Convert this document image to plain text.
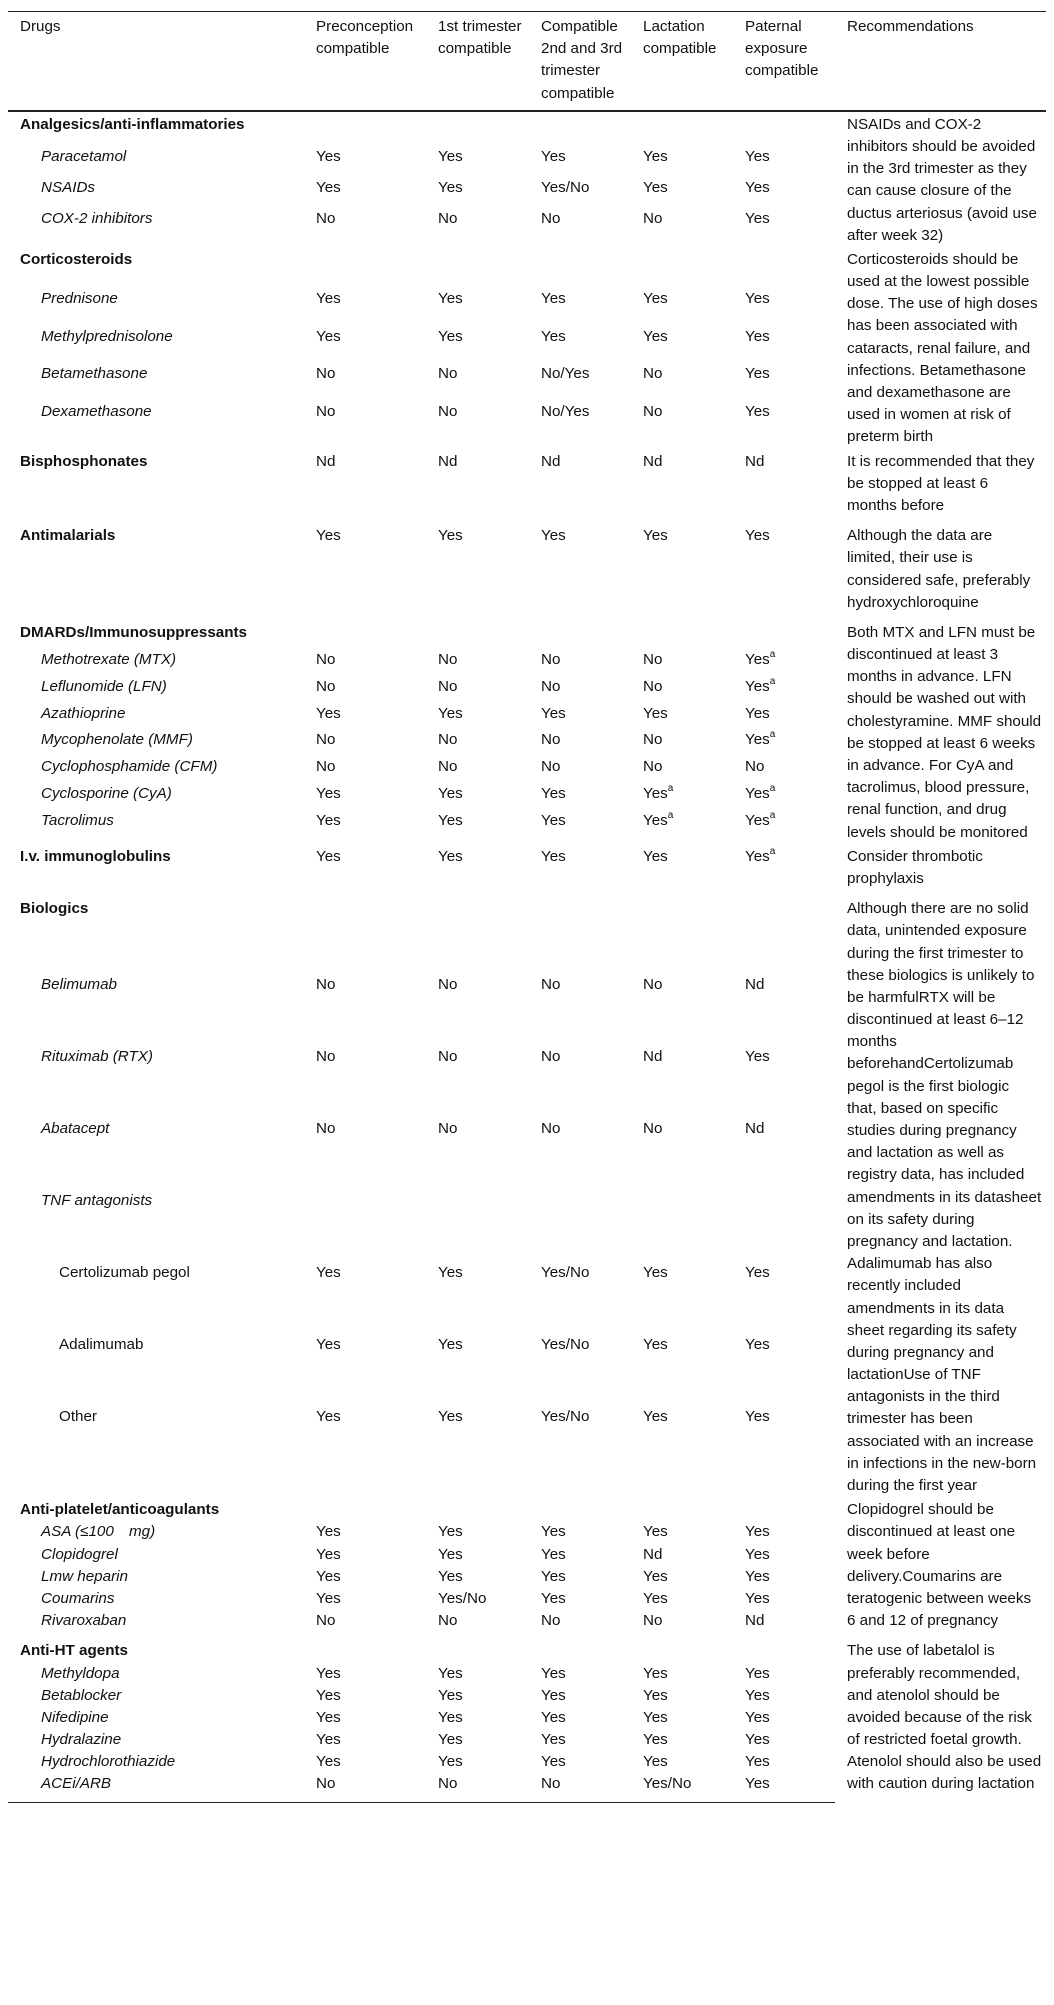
Drugs	Preconception compatible	1st trimester compatible	Compatible 2nd and 3rd trimester compatible	Lactation compatible	Paternal exposure compatible	Recommendations
Analgesics/anti-inflammatories						NSAIDs and COX-2 inhibitors should be avoided in the 3rd trimester as they can cause closure of the ductus arteriosus (avoid use after week 32)
Paracetamol	Yes	Yes	Yes	Yes	Yes	
NSAIDs	Yes	Yes	Yes/No	Yes	Yes	
COX-2 inhibitors	No	No	No	No	Yes	
Corticosteroids						Corticosteroids should be used at the lowest possible dose. The use of high doses has been associated with cataracts, renal failure, and infections. Betamethasone and dexamethasone are used in women at risk of preterm birth
Prednisone	Yes	Yes	Yes	Yes	Yes	
Methylprednisolone	Yes	Yes	Yes	Yes	Yes	
Betamethasone	No	No	No/Yes	No	Yes	
Dexamethasone	No	No	No/Yes	No	Yes	
Bisphosphonates	Nd	Nd	Nd	Nd	Nd	It is recommended that they be stopped at least 6 months before
Antimalarials	Yes	Yes	Yes	Yes	Yes	Although the data are limited, their use is considered safe, preferably hydroxychloroquine
DMARDs/Immunosuppressants						Both MTX and LFN must be discontinued at least 3 months in advance. LFN should be washed out with cholestyramine. MMF should be stopped at least 6 weeks in advance. For CyA and tacrolimus, blood pressure, renal function, and drug levels should be monitored
Methotrexate (MTX)	No	No	No	No	Yes$^a$
Leflunomide (LFN)	No	No	No	No	Yes$^a$
Azathioprine	Yes	Yes	Yes	Yes	Yes	
Mycophenolate (MMF)	No	No	No	No	Yes$^a$
Cyclophosphamide (CFM)	No	No	No	No	No	
Cyclosporine (CyA)	Yes	Yes	Yes	Yes$^a$	Yes$^a$
Tacrolimus	Yes	Yes	Yes	Yes$^a$	Yes$^a$
I.v. immunoglobulins	Yes	Yes	Yes	Yes	Yes$^a$	Consider thrombotic prophylaxis
Biologics						Although there are no solid data, unintended exposure during the first trimester to these biologics is unlikely to be harmfulRTX will be discontinued at least 6–12 months beforehandCertolizumab pegol is the first biologic that, based on specific studies during pregnancy and lactation as well as registry data, has included amendments in its datasheet on its safety during pregnancy and lactation. Adalimumab has also recently included amendments in its data sheet regarding its safety during pregnancy and lactationUse of TNF antagonists in the third trimester has been associated with an increase in infections in the new-born during the first year
Belimumab	No	No	No	No	Nd	
Rituximab (RTX)	No	No	No	Nd	Yes	
Abatacept	No	No	No	No	Nd	
TNF antagonists						
Certolizumab pegol	Yes	Yes	Yes/No	Yes	Yes	
Adalimumab	Yes	Yes	Yes/No	Yes	Yes	
Other	Yes	Yes	Yes/No	Yes	Yes	
Anti-platelet/anticoagulants						Clopidogrel should be discontinued at least one week before delivery.Coumarins are teratogenic between weeks 6 and 12 of pregnancy
ASA (≤100  mg)	Yes	Yes	Yes	Yes	Yes	
Clopidogrel	Yes	Yes	Yes	Nd	Yes	
Lmw heparin	Yes	Yes	Yes	Yes	Yes	
Coumarins	Yes	Yes/No	Yes	Yes	Yes	
Rivaroxaban	No	No	No	No	Nd	
Anti-HT agents						The use of labetalol is preferably recommended, and atenolol should be avoided because of the risk of restricted foetal growth. Atenolol should also be used with caution during lactation
Methyldopa	Yes	Yes	Yes	Yes	Yes	
Betablocker	Yes	Yes	Yes	Yes	Yes	
Nifedipine	Yes	Yes	Yes	Yes	Yes	
Hydralazine	Yes	Yes	Yes	Yes	Yes	
Hydrochlorothiazide	Yes	Yes	Yes	Yes	Yes	
ACEi/ARB	No	No	No	Yes/No	Yes	
